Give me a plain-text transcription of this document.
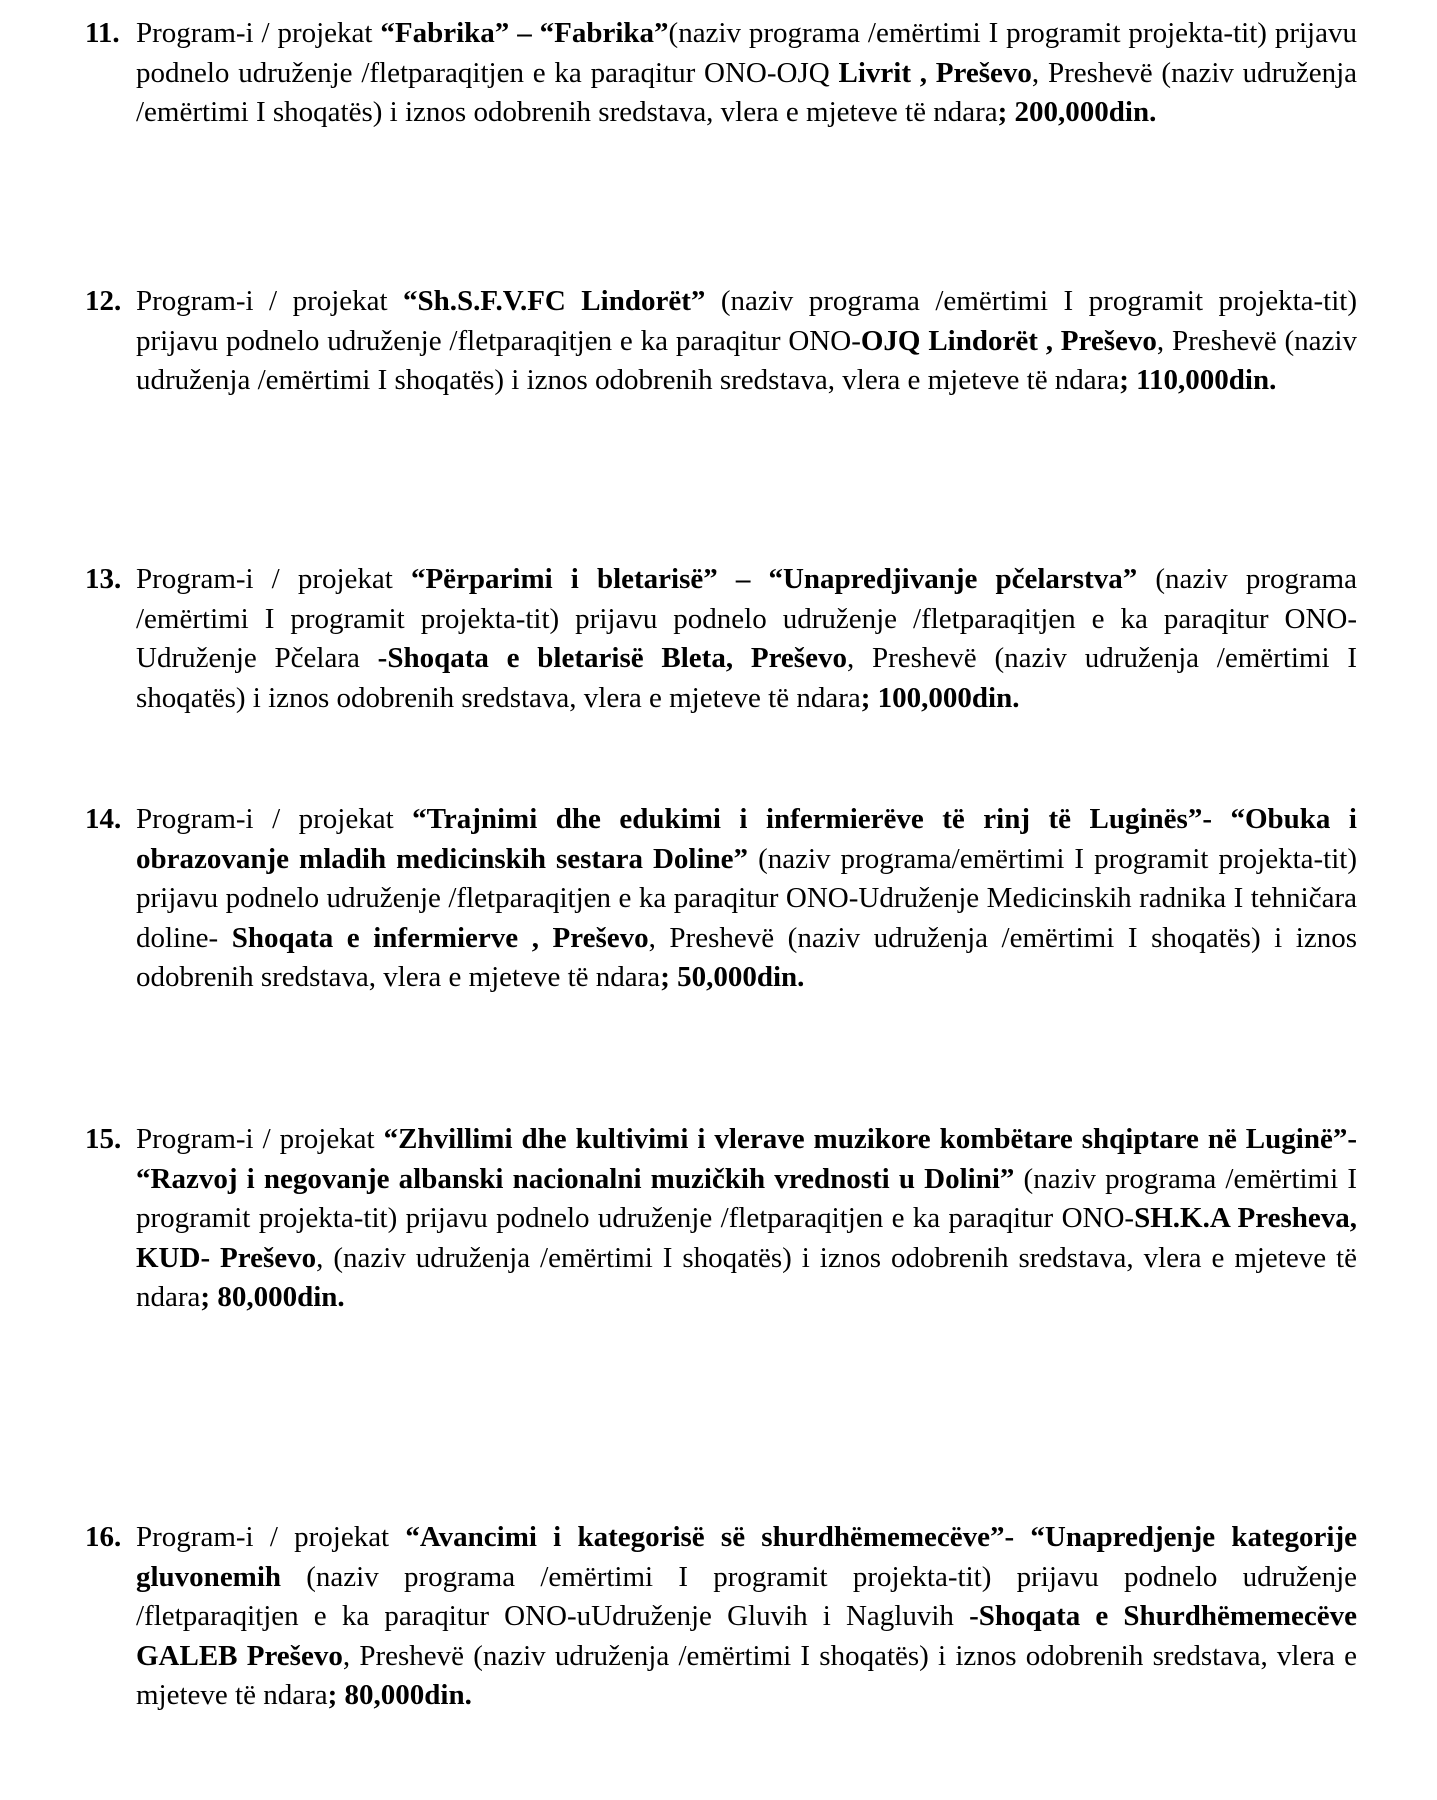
11. Program-i / projekat “Fabrika” – “Fabrika”(naziv programa /emërtimi I programit projekta-tit) prijavu podnelo udruženje /fletparaqitjen e ka paraqitur ONO-OJQ Livrit , Preševo, Preshevë (naziv udruženja /emërtimi I shoqatës) i iznos odobrenih sredstava, vlera e mjeteve të ndara; 200,000din.
12. Program-i / projekat “Sh.S.F.V.FC Lindorët” (naziv programa /emërtimi I programit projekta-tit) prijavu podnelo udruženje /fletparaqitjen e ka paraqitur ONO-OJQ Lindorët , Preševo, Preshevë (naziv udruženja /emërtimi I shoqatës) i iznos odobrenih sredstava, vlera e mjeteve të ndara; 110,000din.
13. Program-i / projekat “Përparimi i bletarisë” – “Unapredjivanje pčelarstva” (naziv programa /emërtimi I programit projekta-tit) prijavu podnelo udruženje /fletparaqitjen e ka paraqitur ONO-Udruženje Pčelara -Shoqata e bletarisë Bleta, Preševo, Preshevë (naziv udruženja /emërtimi I shoqatës) i iznos odobrenih sredstava, vlera e mjeteve të ndara; 100,000din.
14. Program-i / projekat “Trajnimi dhe edukimi i infermierëve të rinj të Luginës”- “Obuka i obrazovanje mladih medicinskih sestara Doline” (naziv programa/emërtimi I programit projekta-tit) prijavu podnelo udruženje /fletparaqitjen e ka paraqitur ONO-Udruženje Medicinskih radnika I tehničara doline- Shoqata e infermierve , Preševo, Preshevë (naziv udruženja /emërtimi I shoqatës) i iznos odobrenih sredstava, vlera e mjeteve të ndara; 50,000din.
15. Program-i / projekat “Zhvillimi dhe kultivimi i vlerave muzikore kombëtare shqiptare në Luginë”- “Razvoj i negovanje albanski nacionalni muzičkih vrednosti u Dolini” (naziv programa /emërtimi I programit projekta-tit) prijavu podnelo udruženje /fletparaqitjen e ka paraqitur ONO-SH.K.A Presheva, KUD- Preševo, (naziv udruženja /emërtimi I shoqatës) i iznos odobrenih sredstava, vlera e mjeteve të ndara; 80,000din.
16. Program-i / projekat “Avancimi i kategorisë së shurdhëmemecëve”- “Unapredjenje kategorije gluvonemih (naziv programa /emërtimi I programit projekta-tit) prijavu podnelo udruženje /fletparaqitjen e ka paraqitur ONO-uUdruženje Gluvih i Nagluvih -Shoqata e Shurdhëmemecëve GALEB Preševo, Preshevë (naziv udruženja /emërtimi I shoqatës) i iznos odobrenih sredstava, vlera e mjeteve të ndara; 80,000din.
